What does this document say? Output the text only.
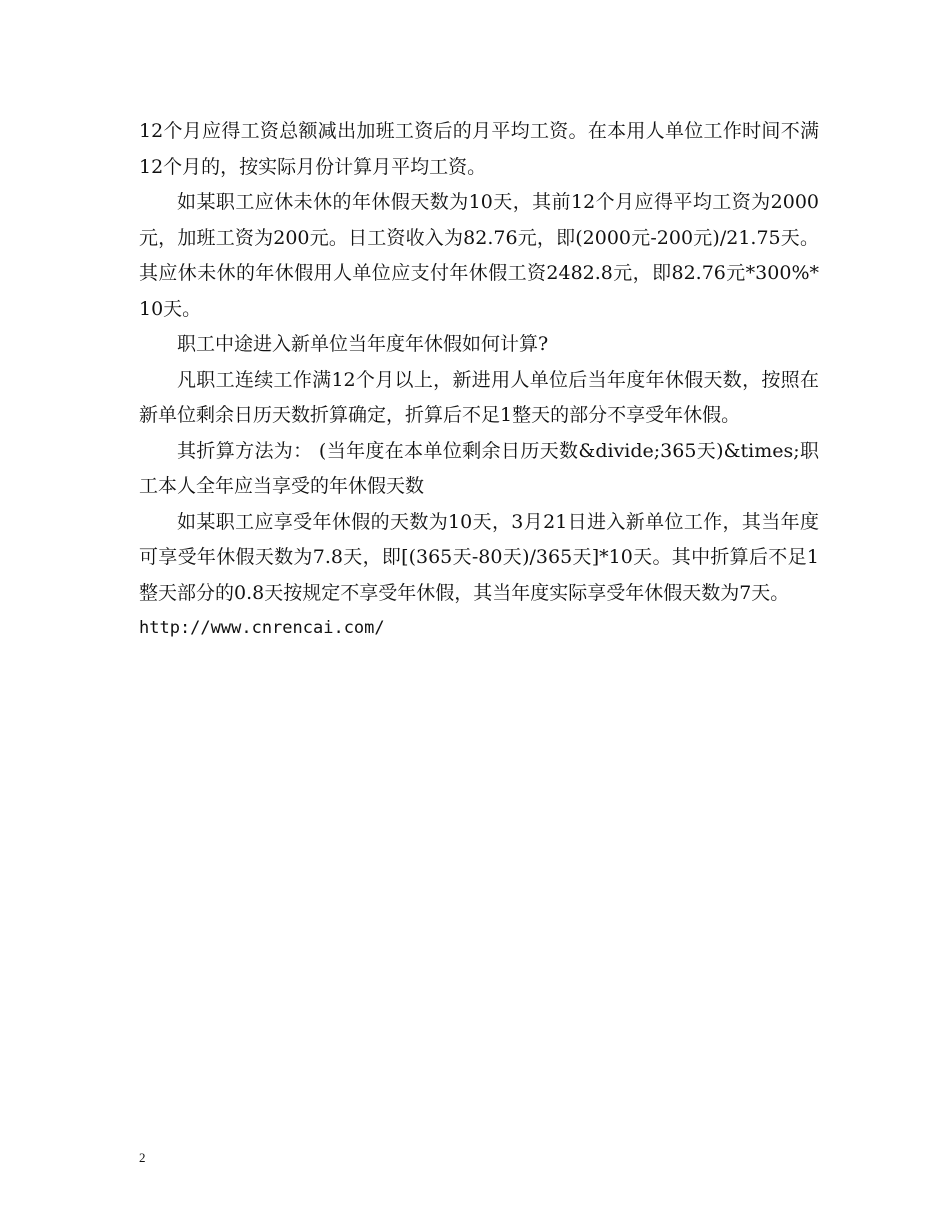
12个月应得工资总额减出加班工资后的月平均工资。在本用人单位工作时间不满12个月的，按实际月份计算月平均工资。

如某职工应休未休的年休假天数为10天，其前12个月应得平均工资为2000元，加班工资为200元。日工资收入为82.76元，即(2000元-200元)/21.75天。其应休未休的年休假用人单位应支付年休假工资2482.8元，即82.76元*300%*10天。

职工中途进入新单位当年度年休假如何计算?

凡职工连续工作满12个月以上，新进用人单位后当年度年休假天数，按照在新单位剩余日历天数折算确定，折算后不足1整天的部分不享受年休假。

其折算方法为： (当年度在本单位剩余日历天数&divide;365天)&times;职工本人全年应当享受的年休假天数

如某职工应享受年休假的天数为10天，3月21日进入新单位工作，其当年度可享受年休假天数为7.8天，即[(365天-80天)/365天]*10天。其中折算后不足1整天部分的0.8天按规定不享受年休假，其当年度实际享受年休假天数为7天。

http://www.cnrencai.com/

2
